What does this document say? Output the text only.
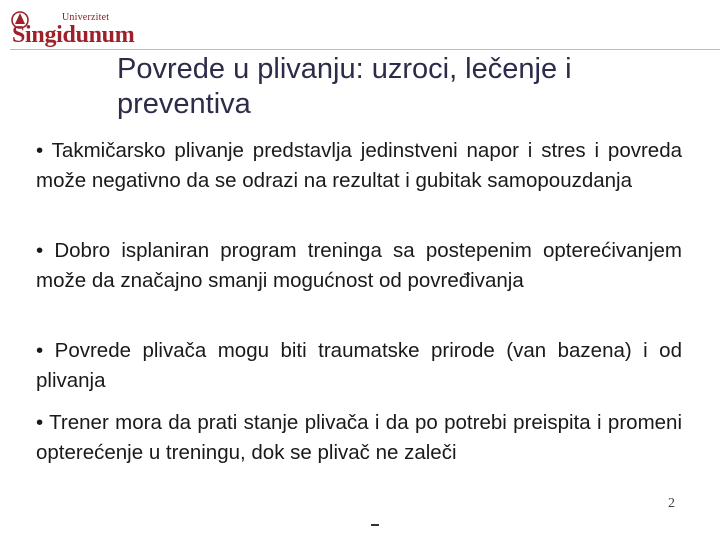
Univerzitet
Singidunum
Povrede u plivanju: uzroci, lečenje i preventiva
• Takmičarsko plivanje predstavlja jedinstveni napor i stres i povreda može negativno da se odrazi na rezultat i gubitak samopouzdanja
• Dobro isplaniran program treninga sa postepenim opterećivanjem može da značajno smanji mogućnost od povređivanja
• Povrede plivača mogu biti traumatske prirode (van bazena) i od plivanja
• Trener mora da prati stanje plivača i da po potrebi preispita i promeni opterećenje u treningu, dok se plivač ne zaleči
2
